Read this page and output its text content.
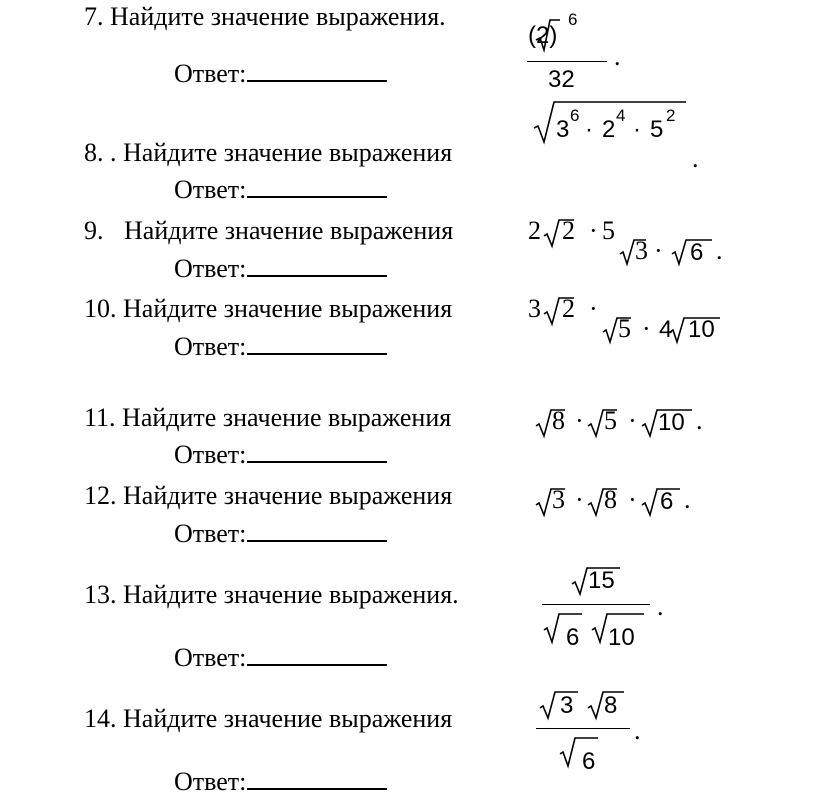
7. Найдите значение выражения.
Ответ:
(2)
6
32
.
8. . Найдите значение выражения
Ответ:
3
6
· 2
4
· 5
2
.
9. Найдите значение выражения
Ответ:
2 2 · 5
3 · 6 .
10. Найдите значение выражения
Ответ:
3 2 ·
5 · 4 10
11. Найдите значение выражения
Ответ:
8 · 5 · 10 .
12. Найдите значение выражения
Ответ:
3 · 8 · 6 .
13. Найдите значение выражения.
Ответ:
15
6 10
.
14. Найдите значение выражения
Ответ:
3 8
6
.
